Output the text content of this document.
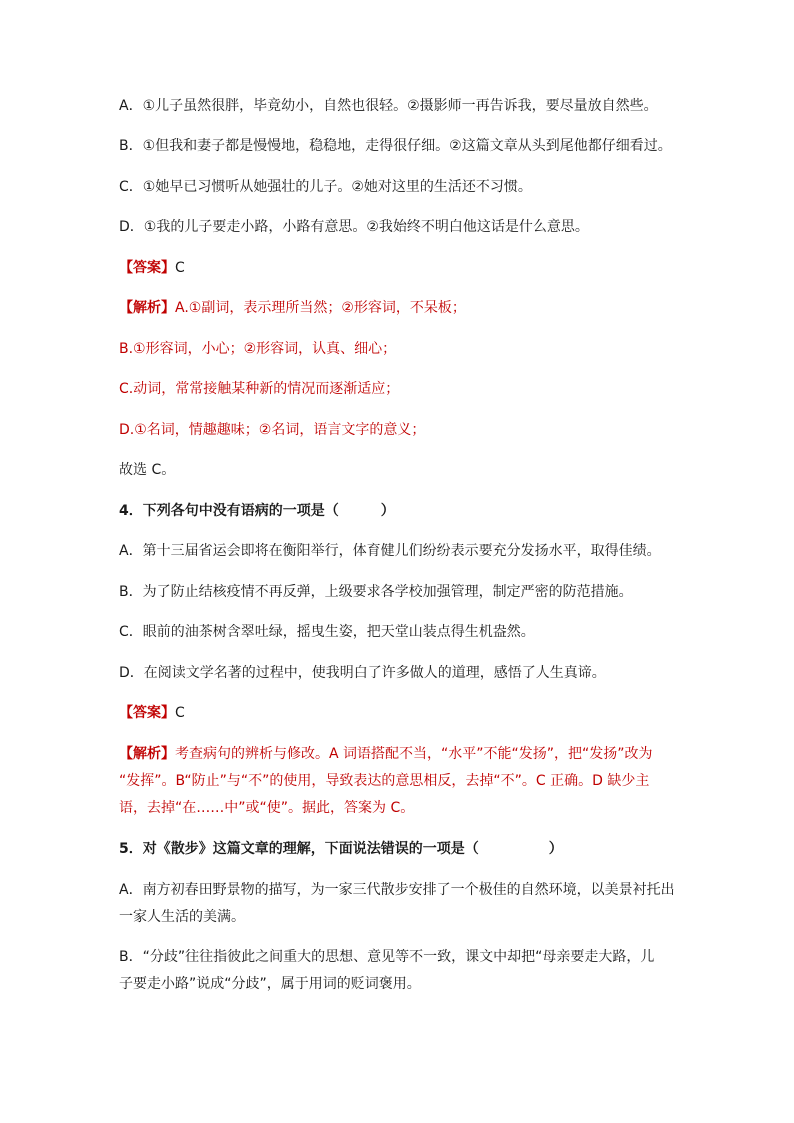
A．①儿子虽然很胖，毕竟幼小，自然也很轻。②摄影师一再告诉我，要尽量放自然些。
B．①但我和妻子都是慢慢地，稳稳地，走得很仔细。②这篇文章从头到尾他都仔细看过。
C．①她早已习惯听从她强壮的儿子。②她对这里的生活还不习惯。
D．①我的儿子要走小路，小路有意思。②我始终不明白他这话是什么意思。
【答案】C
【解析】A.①副词，表示理所当然；②形容词，不呆板；
B.①形容词，小心；②形容词，认真、细心；
C.动词，常常接触某种新的情况而逐渐适应；
D.①名词，情趣趣味；②名词，语言文字的意义；
故选 C。
4．下列各句中没有语病的一项是（	）
A．第十三届省运会即将在衡阳举行，体育健儿们纷纷表示要充分发扬水平，取得佳绩。
B．为了防止结核疫情不再反弹，上级要求各学校加强管理，制定严密的防范措施。
C．眼前的油茶树含翠吐绿，摇曳生姿，把天堂山装点得生机盎然。
D．在阅读文学名著的过程中，使我明白了许多做人的道理，感悟了人生真谛。
【答案】C
【解析】考查病句的辨析与修改。A 词语搭配不当，“水平”不能“发扬”，把“发扬”改为
“发挥”。B“防止”与“不”的使用，导致表达的意思相反，去掉“不”。C 正确。D 缺少主
语，去掉“在……中”或“使”。据此，答案为 C。
5．对《散步》这篇文章的理解，下面说法错误的一项是（	）
A．南方初春田野景物的描写，为一家三代散步安排了一个极佳的自然环境，以美景衬托出
一家人生活的美满。
B．“分歧”往往指彼此之间重大的思想、意见等不一致，课文中却把“母亲要走大路，儿
子要走小路”说成“分歧”，属于用词的贬词褒用。
